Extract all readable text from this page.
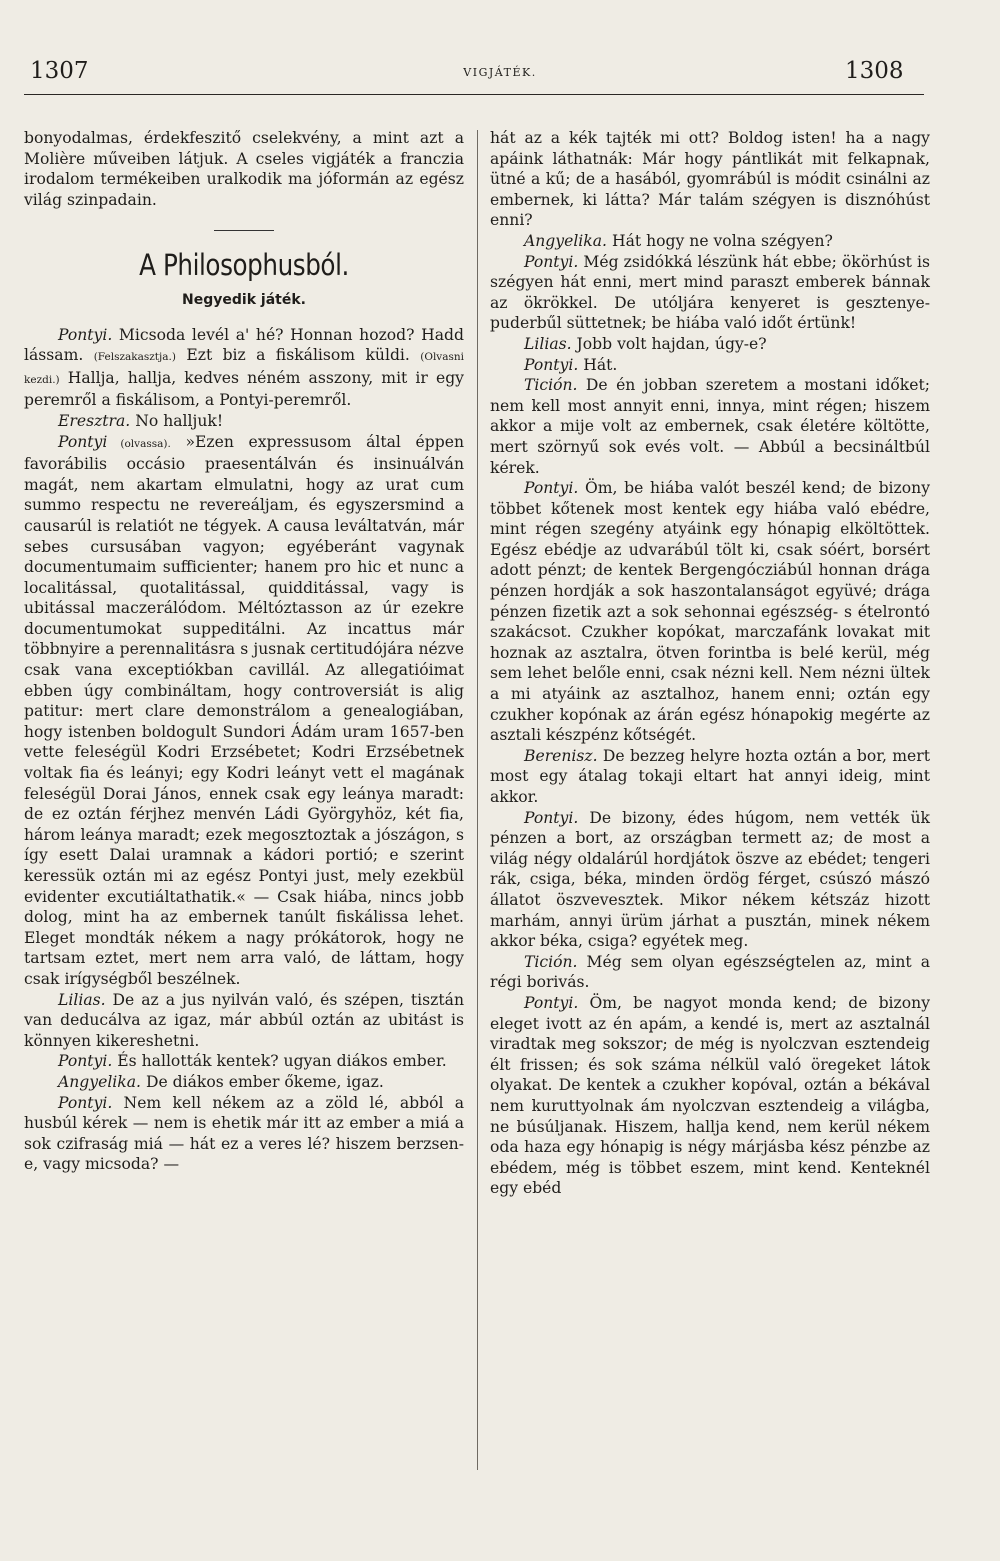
1307	VIGJÁTÉK.	1308

bonyodalmas, érdekfeszitő cselekvény, a mint azt a Molière műveiben látjuk. A cseles vigjáték a franczia irodalom termékeiben uralkodik ma jóformán az egész világ szinpadain.

A Philosophusból.
Negyedik játék.

Pontyi. Micsoda levél a' hé? Honnan hozod? Hadd lássam. (Felszakasztja.) Ezt biz a fiskálisom küldi. (Olvasni kezdi.) Hallja, hallja, kedves néném asszony, mit ir egy peremről a fiskálisom, a Pontyi-peremről.

Eresztra. No halljuk!

Pontyi (olvassa). »Ezen expressusom által éppen favorábilis occásio praesentálván és insinuálván magát, nem akartam elmulatni, hogy az urat cum summo respectu ne revereáljam, és egyszersmind a causarúl is relatiót ne tégyek. A causa leváltatván, már sebes cursusában vagyon; egyéberánt vagynak documentumaim sufficienter; hanem pro hic et nunc a localitással, quotalitással, quidditással, vagy is ubitással maczerálódom. Méltóztasson az úr ezekre documentumokat suppeditálni. Az incattus már többnyire a perennalitásra s jusnak certitudójára nézve csak vana exceptiókban cavillál. Az allegatióimat ebben úgy combináltam, hogy controversiát is alig patitur: mert clare demonstrálom a genealogiában, hogy istenben boldogult Sundori Ádám uram 1657-ben vette feleségül Kodri Erzsébetet; Kodri Erzsébetnek voltak fia és leányi; egy Kodri leányt vett el magának feleségül Dorai János, ennek csak egy leánya maradt: de ez oztán férjhez menvén Ládi Györgyhöz, két fia, három leánya maradt; ezek megosztoztak a jószágon, s így esett Dalai uramnak a kádori portió; e szerint keressük oztán mi az egész Pontyi just, mely ezekbül evidenter excutiáltathatik.« — Csak hiába, nincs jobb dolog, mint ha az embernek tanúlt fiskálissa lehet. Eleget mondták nékem a nagy prókátorok, hogy ne tartsam eztet, mert nem arra való, de láttam, hogy csak irígységből beszélnek.

Lilias. De az a jus nyilván való, és szépen, tisztán van deducálva az igaz, már abbúl oztán az ubitást is könnyen kikereshetni.

Pontyi. És hallották kentek? ugyan diákos ember.

Angyelika. De diákos ember őkeme, igaz.

Pontyi. Nem kell nékem az a zöld lé, abból a husbúl kérek — nem is ehetik már itt az ember a miá a sok czifraság miá — hát ez a veres lé? hiszem berzsen-e, vagy micsoda? —

hát az a kék tajték mi ott? Boldog isten! ha a nagy apáink láthatnák: Már hogy pántlikát mit felkapnak, ütné a kű; de a hasából, gyomrábúl is módit csinálni az embernek, ki látta? Már talám szégyen is disznóhúst enni?

Angyelika. Hát hogy ne volna szégyen?

Pontyi. Még zsidókká lészünk hát ebbe; ökörhúst is szégyen hát enni, mert mind paraszt emberek bánnak az ökrökkel. De utóljára kenyeret is gesztenye-puderbűl süttetnek; be hiába való időt értünk!

Lilias. Jobb volt hajdan, úgy-e?

Pontyi. Hát.

Tición. De én jobban szeretem a mostani időket; nem kell most annyit enni, innya, mint régen; hiszem akkor a mije volt az embernek, csak életére költötte, mert szörnyű sok evés volt. — Abbúl a becsináltbúl kérek.

Pontyi. Öm, be hiába valót beszél kend; de bizony többet kőtenek most kentek egy hiába való ebédre, mint régen szegény atyáink egy hónapig elköltöttek. Egész ebédje az udvarábúl tölt ki, csak sóért, borsért adott pénzt; de kentek Bergengócziábúl honnan drága pénzen hordják a sok haszontalanságot együvé; drága pénzen fizetik azt a sok sehonnai egészség- s ételrontó szakácsot. Czukher kopókat, marczafánk lovakat mit hoznak az asztalra, ötven forintba is belé kerül, még sem lehet belőle enni, csak nézni kell. Nem nézni ültek a mi atyáink az asztalhoz, hanem enni; oztán egy czukher kopónak az árán egész hónapokig megérte az asztali készpénz kőtségét.

Berenisz. De bezzeg helyre hozta oztán a bor, mert most egy átalag tokaji eltart hat annyi ideig, mint akkor.

Pontyi. De bizony, édes húgom, nem vették ük pénzen a bort, az országban termett az; de most a világ négy oldalárúl hordjátok öszve az ebédet; tengeri rák, csiga, béka, minden ördög férget, csúszó mászó állatot öszvevesztek. Mikor nékem kétszáz hizott marhám, annyi ürüm járhat a pusztán, minek nékem akkor béka, csiga? egyétek meg.

Tición. Még sem olyan egészségtelen az, mint a régi borivás.

Pontyi. Öm, be nagyot monda kend; de bizony eleget ivott az én apám, a kendé is, mert az asztalnál viradtak meg sokszor; de még is nyolczvan esztendeig élt frissen; és sok száma nélkül való öregeket látok olyakat. De kentek a czukher kopóval, oztán a békával nem kuruttyolnak ám nyolczvan esztendeig a világba, ne búsúljanak. Hiszem, hallja kend, nem kerül nékem oda haza egy hónapig is négy márjásba kész pénzbe az ebédem, még is többet eszem, mint kend. Kenteknél egy ebéd
